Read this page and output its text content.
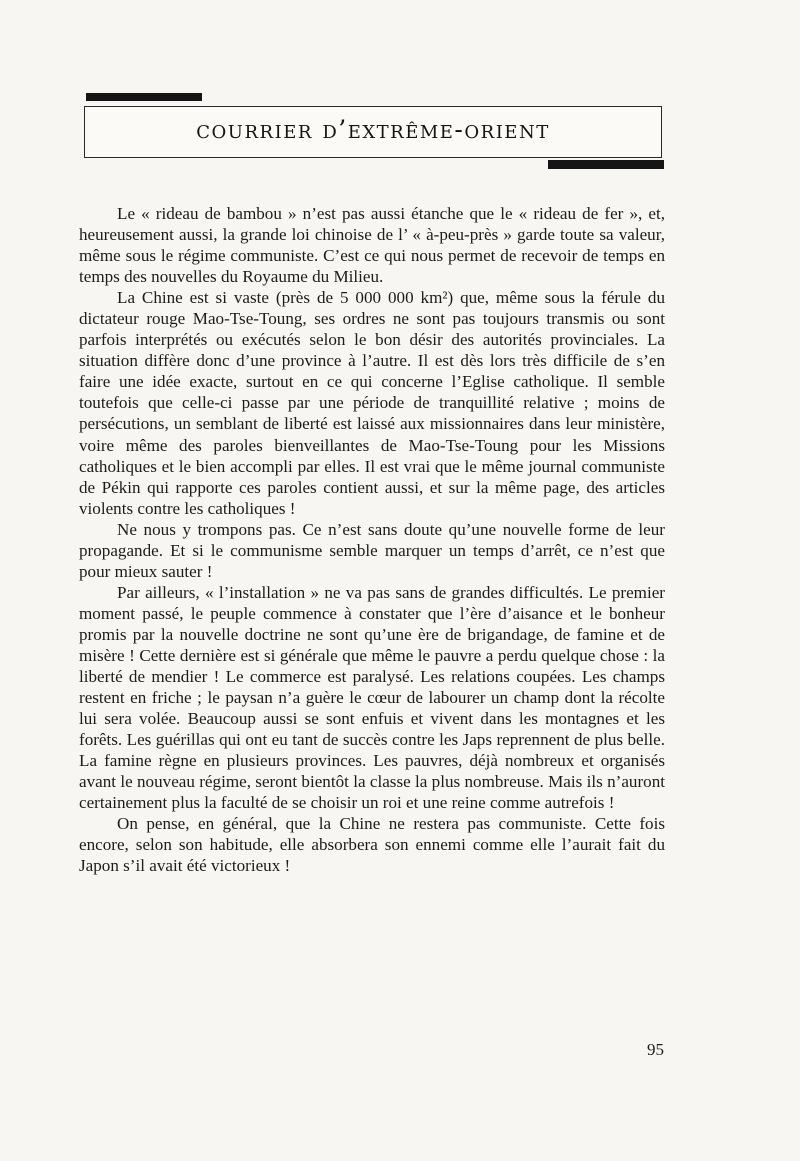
courrier d’extrême-orient

Le « rideau de bambou » n’est pas aussi étanche que le « rideau de fer », et, heureusement aussi, la grande loi chinoise de l’ « à-peu-près » garde toute sa valeur, même sous le régime communiste. C’est ce qui nous permet de recevoir de temps en temps des nouvelles du Royaume du Milieu.

La Chine est si vaste (près de 5 000 000 km²) que, même sous la férule du dictateur rouge Mao-Tse-Toung, ses ordres ne sont pas toujours transmis ou sont parfois interprétés ou exécutés selon le bon désir des autorités provinciales. La situation diffère donc d’une province à l’autre. Il est dès lors très difficile de s’en faire une idée exacte, surtout en ce qui concerne l’Eglise catholique. Il semble toutefois que celle-ci passe par une période de tranquillité relative ; moins de persécutions, un semblant de liberté est laissé aux missionnaires dans leur ministère, voire même des paroles bienveillantes de Mao-Tse-Toung pour les Missions catholiques et le bien accompli par elles. Il est vrai que le même journal communiste de Pékin qui rapporte ces paroles contient aussi, et sur la même page, des articles violents contre les catholiques !

Ne nous y trompons pas. Ce n’est sans doute qu’une nouvelle forme de leur propagande. Et si le communisme semble marquer un temps d’arrêt, ce n’est que pour mieux sauter !

Par ailleurs, « l’installation » ne va pas sans de grandes difficultés. Le premier moment passé, le peuple commence à constater que l’ère d’aisance et le bonheur promis par la nouvelle doctrine ne sont qu’une ère de brigandage, de famine et de misère ! Cette dernière est si générale que même le pauvre a perdu quelque chose : la liberté de mendier ! Le commerce est paralysé. Les relations coupées. Les champs restent en friche ; le paysan n’a guère le cœur de labourer un champ dont la récolte lui sera volée. Beaucoup aussi se sont enfuis et vivent dans les montagnes et les forêts. Les guérillas qui ont eu tant de succès contre les Japs reprennent de plus belle. La famine règne en plusieurs provinces. Les pauvres, déjà nombreux et organisés avant le nouveau régime, seront bientôt la classe la plus nombreuse. Mais ils n’auront certainement plus la faculté de se choisir un roi et une reine comme autrefois !

On pense, en général, que la Chine ne restera pas communiste. Cette fois encore, selon son habitude, elle absorbera son ennemi comme elle l’aurait fait du Japon s’il avait été victorieux !

95
